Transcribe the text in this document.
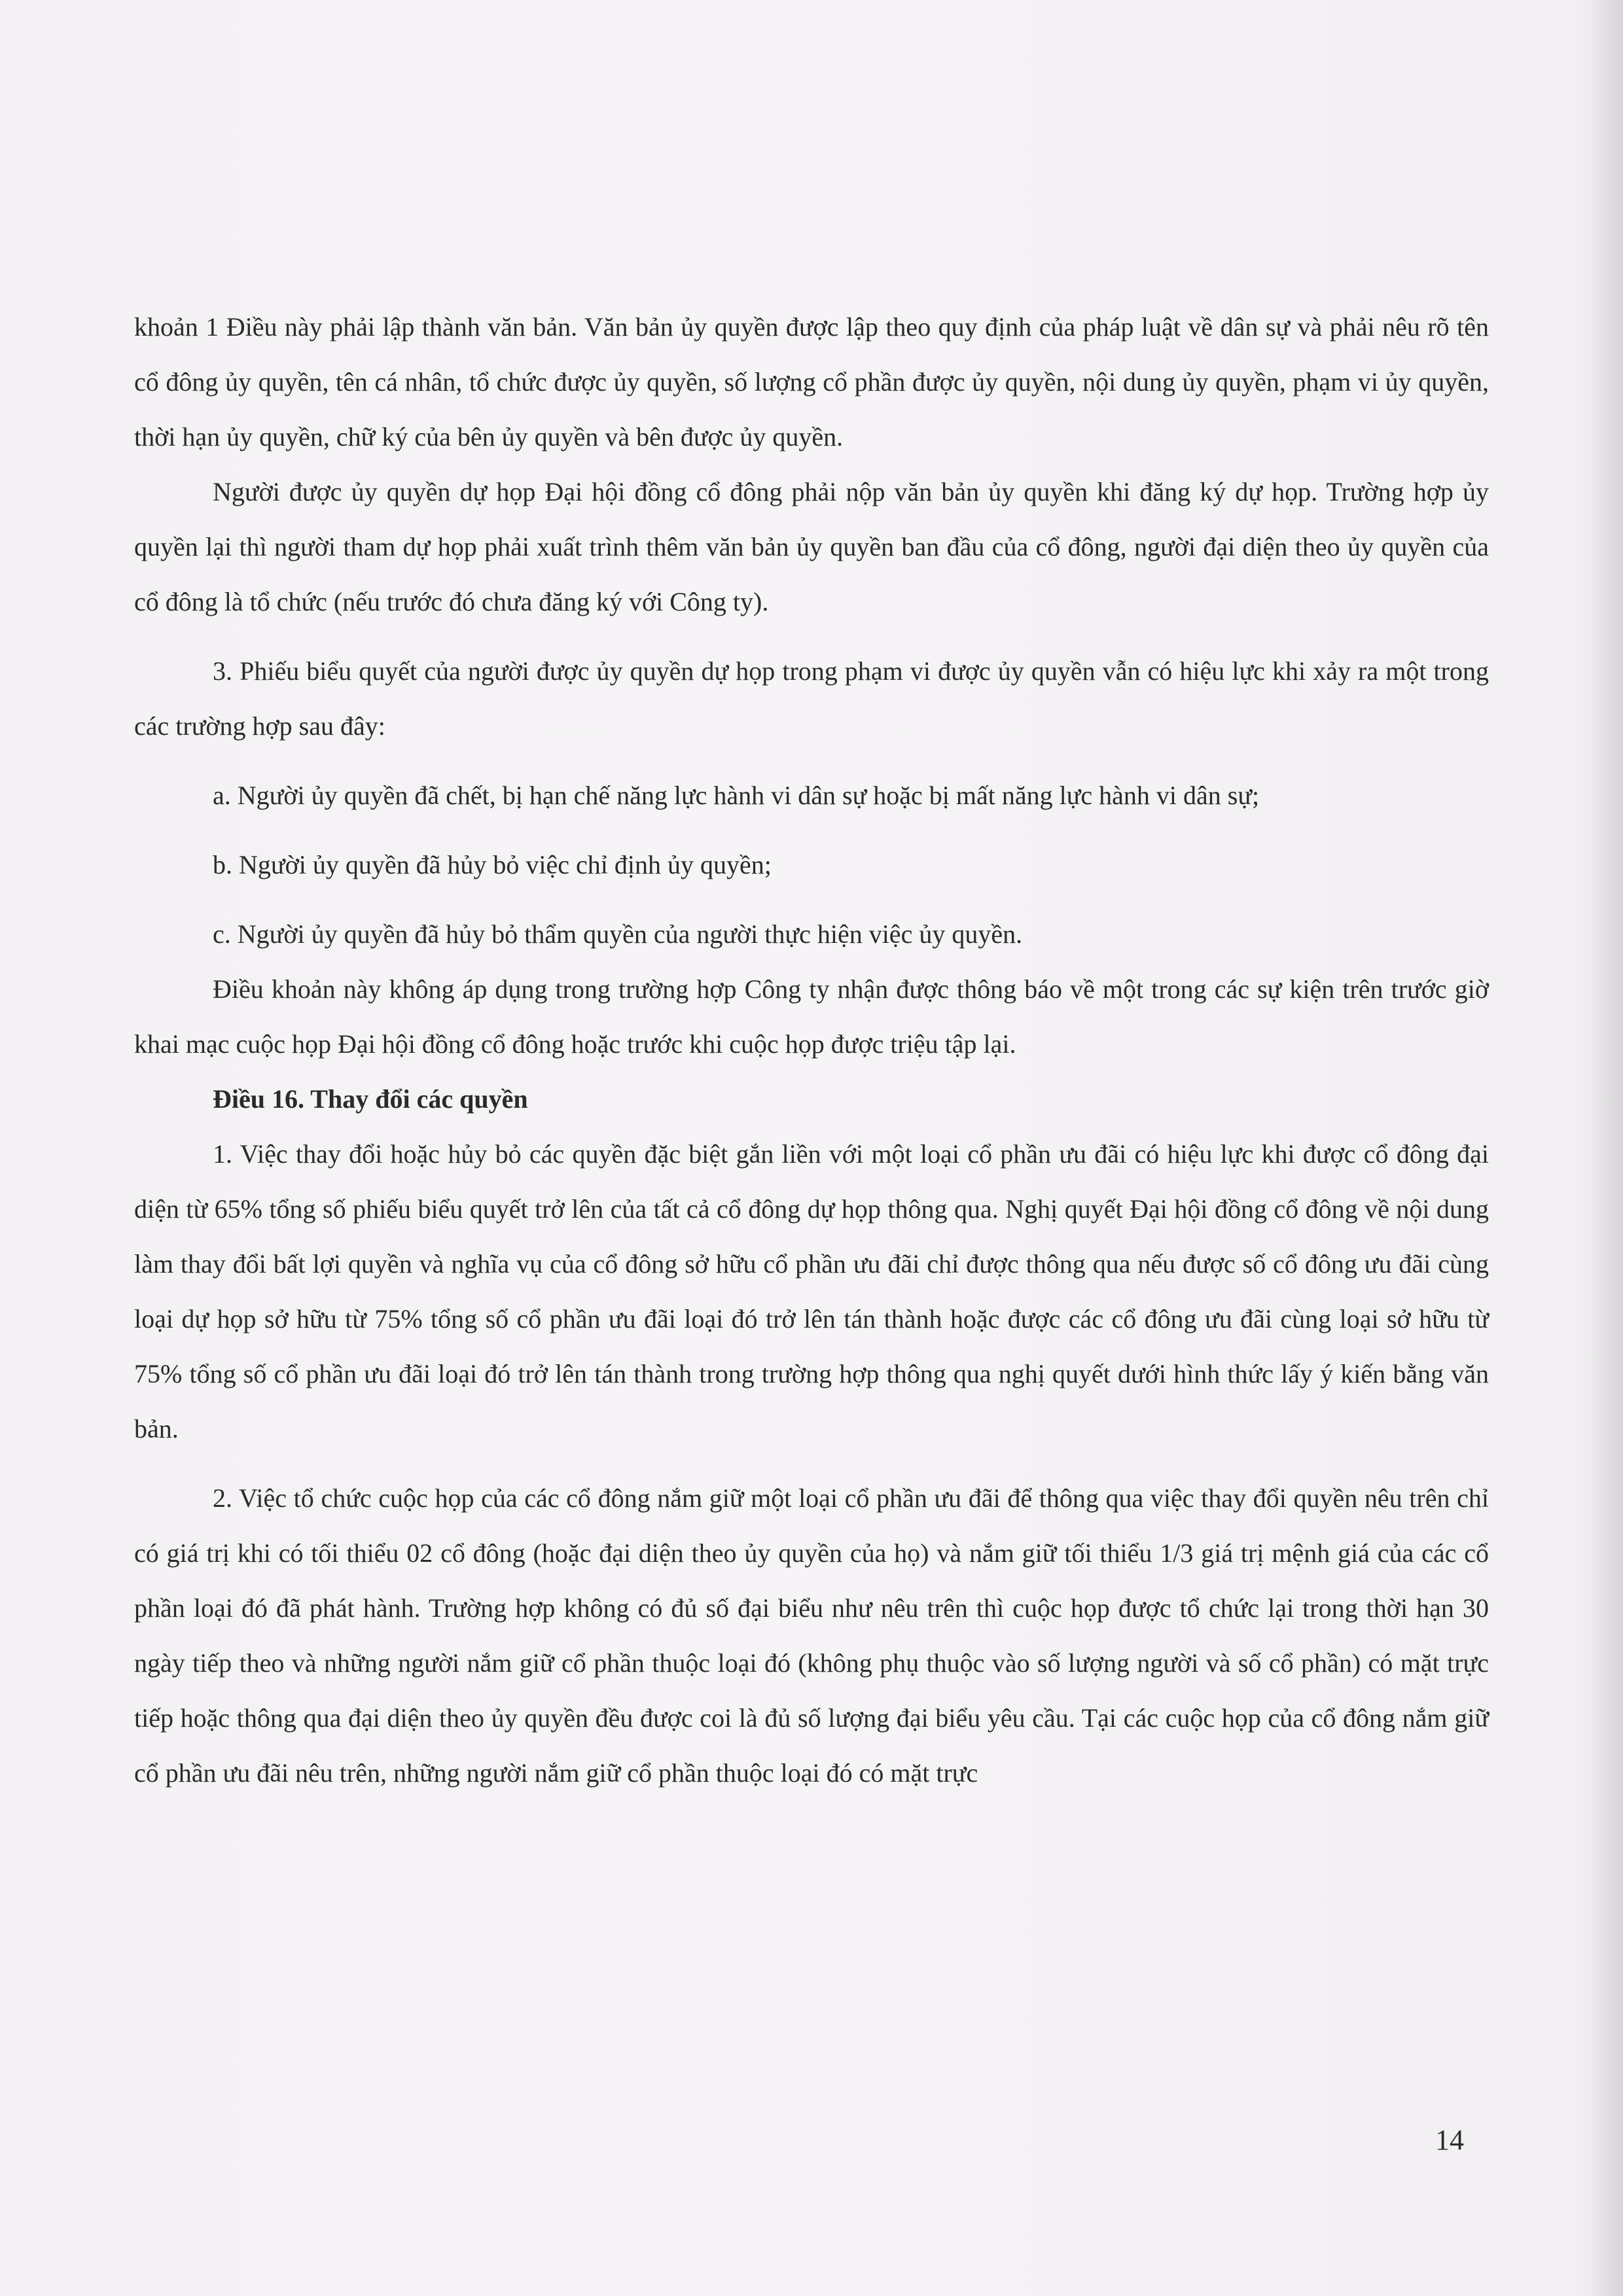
khoản 1 Điều này phải lập thành văn bản. Văn bản ủy quyền được lập theo quy định của pháp luật về dân sự và phải nêu rõ tên cổ đông ủy quyền, tên cá nhân, tổ chức được ủy quyền, số lượng cổ phần được ủy quyền, nội dung ủy quyền, phạm vi ủy quyền, thời hạn ủy quyền, chữ ký của bên ủy quyền và bên được ủy quyền.

Người được ủy quyền dự họp Đại hội đồng cổ đông phải nộp văn bản ủy quyền khi đăng ký dự họp. Trường hợp ủy quyền lại thì người tham dự họp phải xuất trình thêm văn bản ủy quyền ban đầu của cổ đông, người đại diện theo ủy quyền của cổ đông là tổ chức (nếu trước đó chưa đăng ký với Công ty).

3. Phiếu biểu quyết của người được ủy quyền dự họp trong phạm vi được ủy quyền vẫn có hiệu lực khi xảy ra một trong các trường hợp sau đây:

a. Người ủy quyền đã chết, bị hạn chế năng lực hành vi dân sự hoặc bị mất năng lực hành vi dân sự;

b. Người ủy quyền đã hủy bỏ việc chỉ định ủy quyền;

c. Người ủy quyền đã hủy bỏ thẩm quyền của người thực hiện việc ủy quyền.

Điều khoản này không áp dụng trong trường hợp Công ty nhận được thông báo về một trong các sự kiện trên trước giờ khai mạc cuộc họp Đại hội đồng cổ đông hoặc trước khi cuộc họp được triệu tập lại.

Điều 16. Thay đổi các quyền

1. Việc thay đổi hoặc hủy bỏ các quyền đặc biệt gắn liền với một loại cổ phần ưu đãi có hiệu lực khi được cổ đông đại diện từ 65% tổng số phiếu biểu quyết trở lên của tất cả cổ đông dự họp thông qua. Nghị quyết Đại hội đồng cổ đông về nội dung làm thay đổi bất lợi quyền và nghĩa vụ của cổ đông sở hữu cổ phần ưu đãi chỉ được thông qua nếu được số cổ đông ưu đãi cùng loại dự họp sở hữu từ 75% tổng số cổ phần ưu đãi loại đó trở lên tán thành hoặc được các cổ đông ưu đãi cùng loại sở hữu từ 75% tổng số cổ phần ưu đãi loại đó trở lên tán thành trong trường hợp thông qua nghị quyết dưới hình thức lấy ý kiến bằng văn bản.

2. Việc tổ chức cuộc họp của các cổ đông nắm giữ một loại cổ phần ưu đãi để thông qua việc thay đổi quyền nêu trên chỉ có giá trị khi có tối thiểu 02 cổ đông (hoặc đại diện theo ủy quyền của họ) và nắm giữ tối thiểu 1/3 giá trị mệnh giá của các cổ phần loại đó đã phát hành. Trường hợp không có đủ số đại biểu như nêu trên thì cuộc họp được tổ chức lại trong thời hạn 30 ngày tiếp theo và những người nắm giữ cổ phần thuộc loại đó (không phụ thuộc vào số lượng người và số cổ phần) có mặt trực tiếp hoặc thông qua đại diện theo ủy quyền đều được coi là đủ số lượng đại biểu yêu cầu. Tại các cuộc họp của cổ đông nắm giữ cổ phần ưu đãi nêu trên, những người nắm giữ cổ phần thuộc loại đó có mặt trực

14
